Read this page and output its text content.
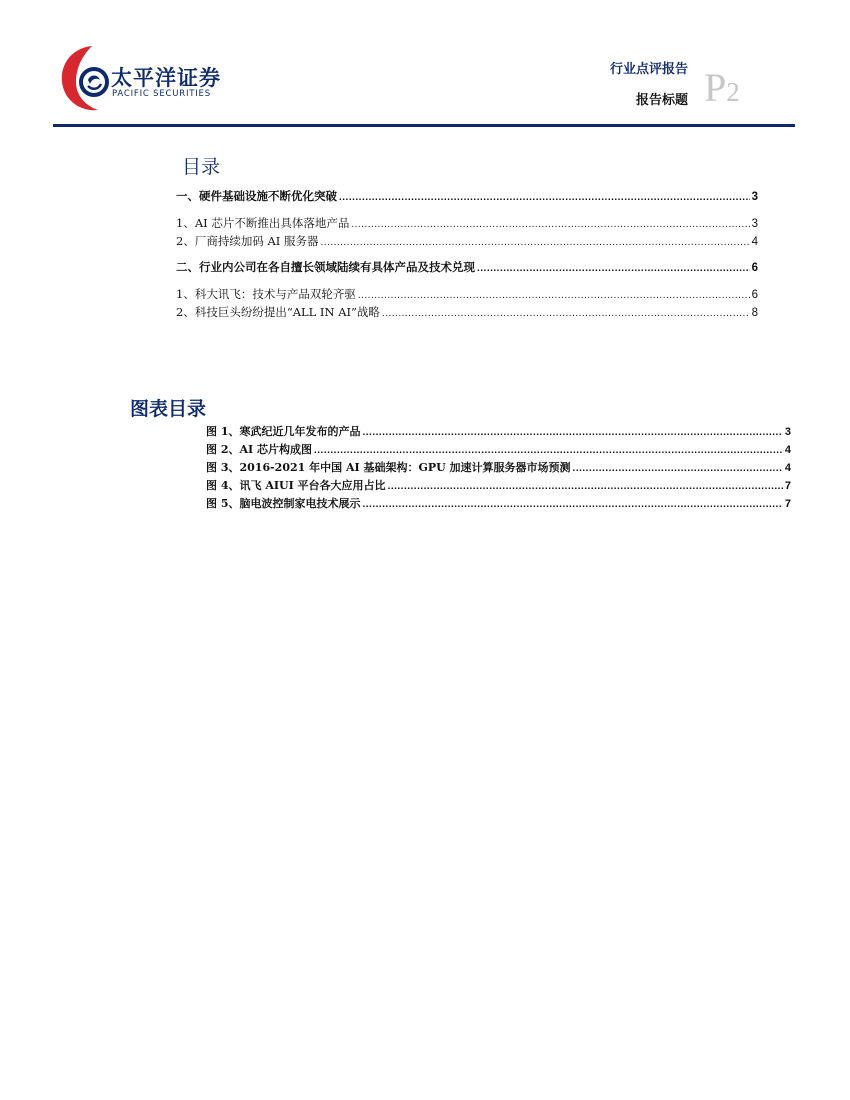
太平洋证券
PACIFIC SECURITIES
行业点评报告
报告标题 P2
目录
一、硬件基础设施不断优化突破 .....	3
1、AI 芯片不断推出具体落地产品 .....	3
2、厂商持续加码 AI 服务器 .....	4
二、行业内公司在各自擅长领域陆续有具体产品及技术兑现 .....	6
1、科大讯飞：技术与产品双轮齐驱 .....	6
2、科技巨头纷纷提出“ALL IN AI”战略 .....	8
图表目录
图 1、寒武纪近几年发布的产品 .....	3
图 2、AI 芯片构成图 .....	4
图 3、2016-2021 年中国 AI 基础架构：GPU 加速计算服务器市场预测 .....	4
图 4、讯飞 AIUI 平台各大应用占比 .....	7
图 5、脑电波控制家电技术展示 .....	7
